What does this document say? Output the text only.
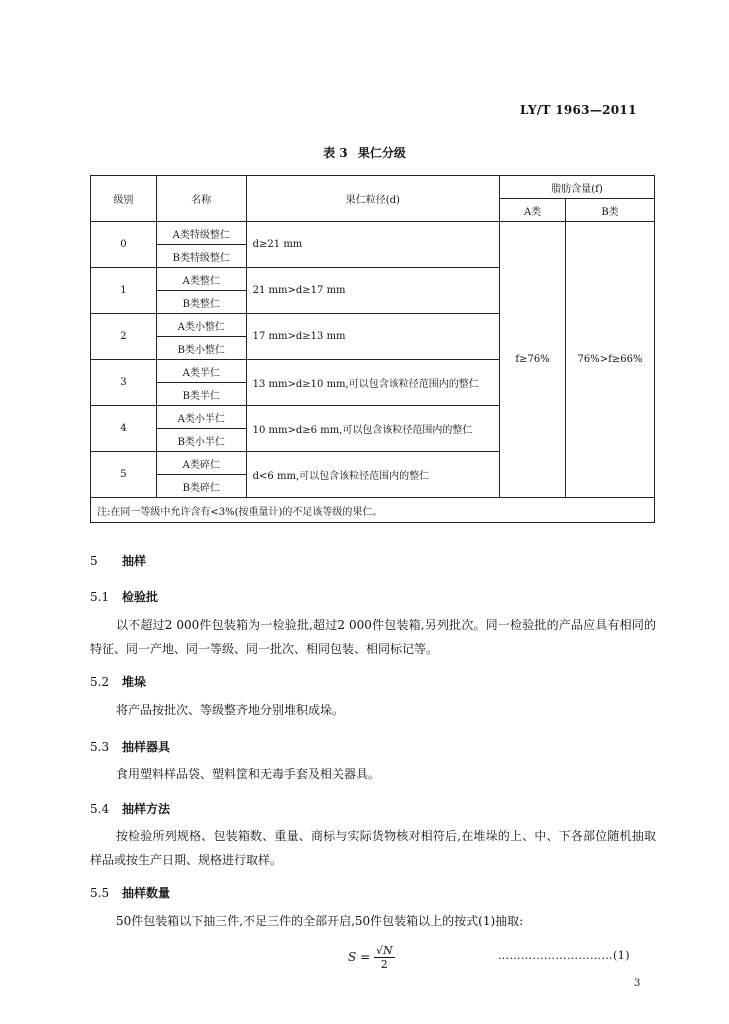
LY/T 1963—2011
表 3 果仁分级
级别	名称	果仁粒径(d)	脂肪含量(f)	
			A类	B类
0	A类特级整仁	d≥21 mm	f≥76%	76%>f≥66%
	B类特级整仁			
1	A类整仁	21 mm>d≥17 mm		
	B类整仁			
2	A类小整仁	17 mm>d≥13 mm		
	B类小整仁			
3	A类半仁	13 mm>d≥10 mm,可以包含该粒径范围内的整仁		
	B类半仁			
4	A类小半仁	10 mm>d≥6 mm,可以包含该粒径范围内的整仁		
	B类小半仁			
5	A类碎仁	d<6 mm,可以包含该粒径范围内的整仁		
	B类碎仁			
注:在同一等级中允许含有<3%(按重量计)的不足该等级的果仁。				
5 抽样
5.1 检验批
以不超过2 000件包装箱为一检验批,超过2 000件包装箱,另列批次。同一检验批的产品应具有相同的特征、同一产地、同一等级、同一批次、相同包装、相同标记等。
5.2 堆垛
将产品按批次、等级整齐地分别堆积成垛。
5.3 抽样器具
食用塑料样品袋、塑料筐和无毒手套及相关器具。
5.4 抽样方法
按检验所列规格、包装箱数、重量、商标与实际货物核对相符后,在堆垛的上、中、下各部位随机抽取样品或按生产日期、规格进行取样。
5.5 抽样数量
50件包装箱以下抽三件,不足三件的全部开启,50件包装箱以上的按式(1)抽取:
$S = \frac{√N}{2}$	…………………………(1)
3
